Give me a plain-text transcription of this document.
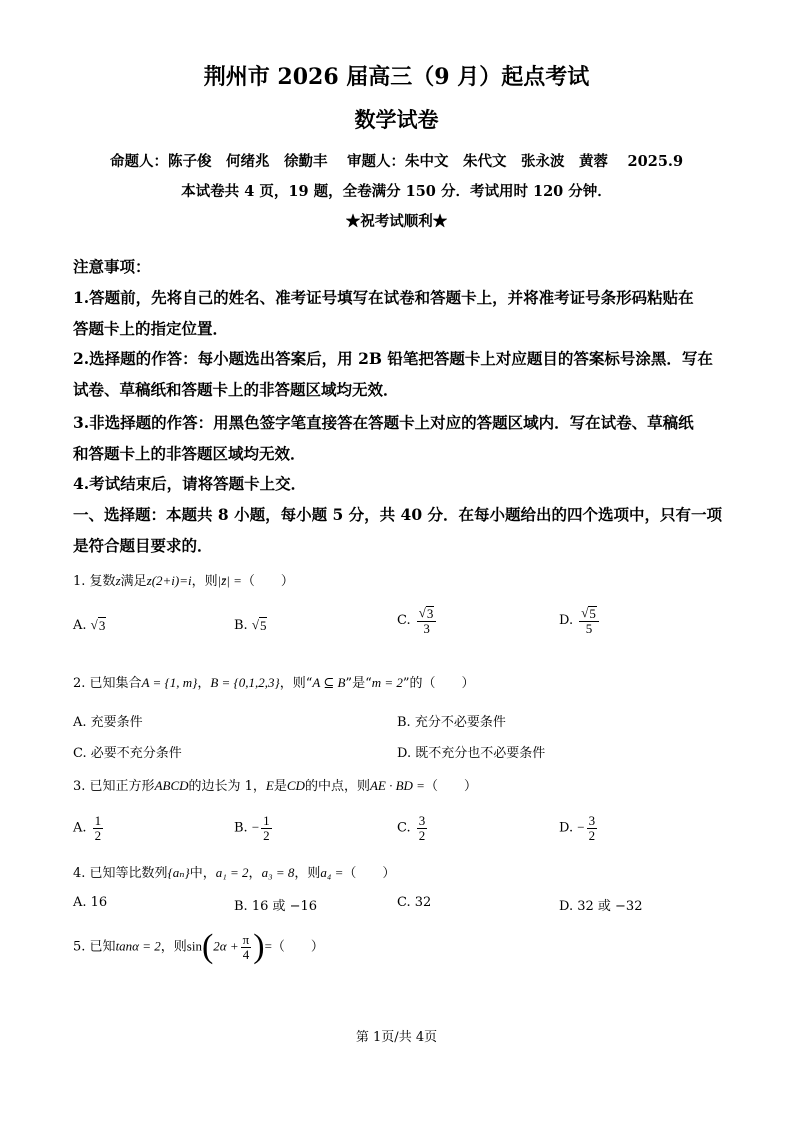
荆州市 2026 届高三（9 月）起点考试
数学试卷
命题人：陈子俊　何绪兆　徐勤丰　 审题人：朱中文　朱代文　张永波　黄蓉　 2025.9
本试卷共 4 页，19 题，全卷满分 150 分．考试用时 120 分钟．
★祝考试顺利★
注意事项：
1.答题前，先将自己的姓名、准考证号填写在试卷和答题卡上，并将准考证号条形码粘贴在
答题卡上的指定位置．
2.选择题的作答：每小题选出答案后，用 2B 铅笔把答题卡上对应题目的答案标号涂黑．写在
试卷、草稿纸和答题卡上的非答题区域均无效．
3.非选择题的作答：用黑色签字笔直接答在答题卡上对应的答题区域内．写在试卷、草稿纸
和答题卡上的非答题区域均无效．
4.考试结束后，请将答题卡上交．
一、选择题：本题共 8 小题，每小题 5 分，共 40 分．在每小题给出的四个选项中，只有一项
是符合题目要求的．
1. 复数z满足z(2+i)=i，则|z̄| =（　　）
A. √ 3	B. √ 5	C. $\frac{√ 3}{3}$	D. $\frac{√ 5}{5}$
2. 已知集合A = {1, m}，B = {0,1,2,3}，则“A ⊆ B”是“m = 2”的（　　）
A. 充要条件	B. 充分不必要条件
C. 必要不充分条件	D. 既不充分也不必要条件
3. 已知正方形ABCD的边长为 1，E是CD的中点，则AE · BD =（　　）
A. $\frac{1}{2}$	B. − $\frac{1}{2}$	C. $\frac{3}{2}$	D. − $\frac{3}{2}$
4. 已知等比数列{aₙ}中，a₁ = 2，a₃ = 8，则a₄ =（　　）
A. 16	B. 16 或 −16	C. 32	D. 32 或 −32
5. 已知tanα = 2，则$\sin(2\alpha + \frac{\pi}{4}$ )=（　　）
第 1页/共 4页
